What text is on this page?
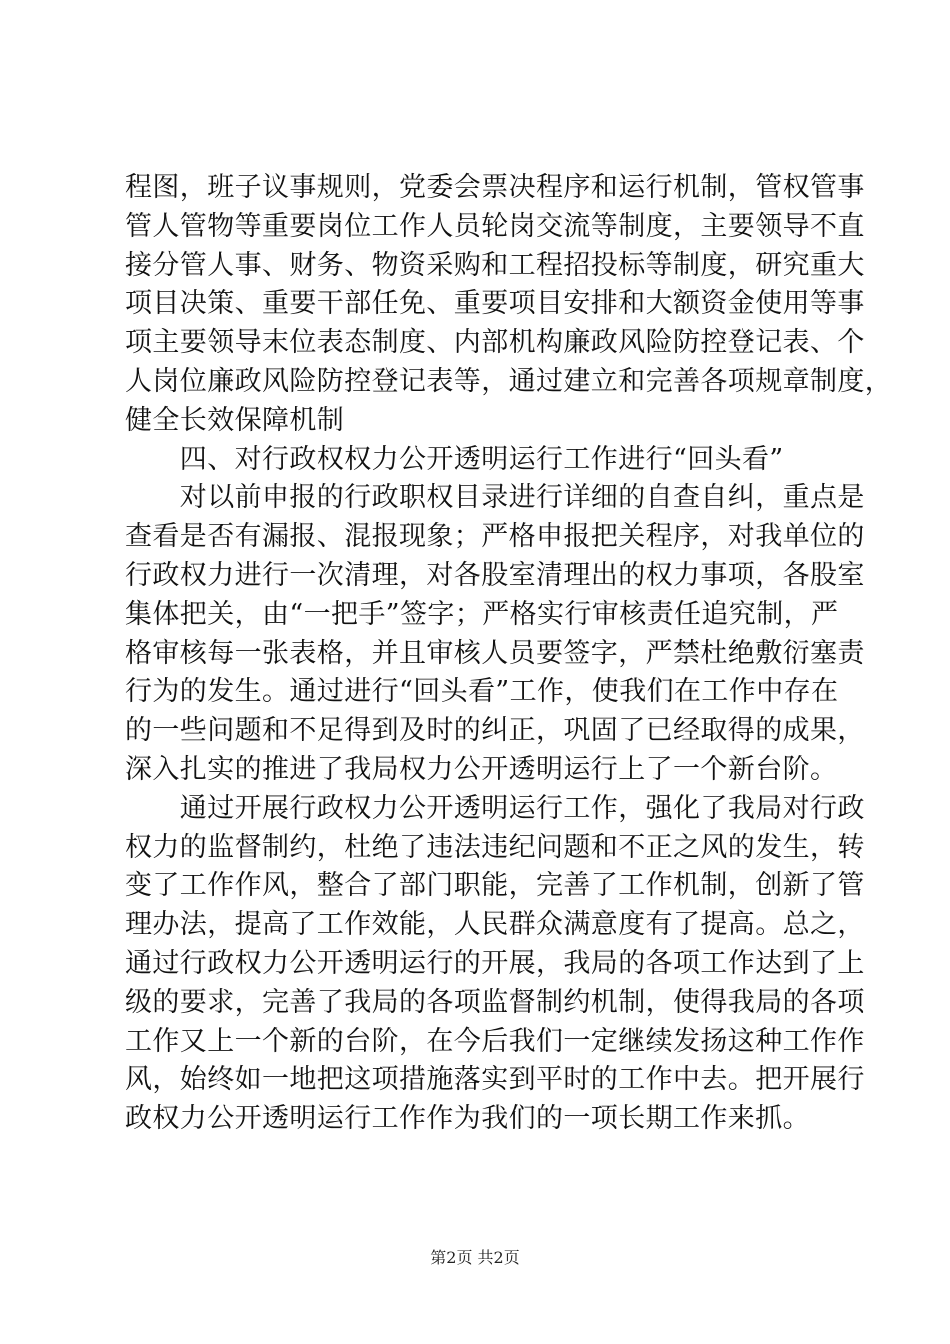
程图，班子议事规则，党委会票决程序和运行机制，管权管事
管人管物等重要岗位工作人员轮岗交流等制度，主要领导不直
接分管人事、财务、物资采购和工程招投标等制度，研究重大
项目决策、重要干部任免、重要项目安排和大额资金使用等事
项主要领导末位表态制度、内部机构廉政风险防控登记表、个
人岗位廉政风险防控登记表等，通过建立和完善各项规章制度，
健全长效保障机制
　　四、对行政权权力公开透明运行工作进行“回头看”
　　对以前申报的行政职权目录进行详细的自查自纠，重点是
查看是否有漏报、混报现象；严格申报把关程序，对我单位的
行政权力进行一次清理，对各股室清理出的权力事项，各股室
集体把关，由“一把手”签字；严格实行审核责任追究制，严
格审核每一张表格，并且审核人员要签字，严禁杜绝敷衍塞责
行为的发生。通过进行“回头看”工作，使我们在工作中存在
的一些问题和不足得到及时的纠正，巩固了已经取得的成果，
深入扎实的推进了我局权力公开透明运行上了一个新台阶。
　　通过开展行政权力公开透明运行工作，强化了我局对行政
权力的监督制约，杜绝了违法违纪问题和不正之风的发生，转
变了工作作风，整合了部门职能，完善了工作机制，创新了管
理办法，提高了工作效能，人民群众满意度有了提高。总之，
通过行政权力公开透明运行的开展，我局的各项工作达到了上
级的要求，完善了我局的各项监督制约机制，使得我局的各项
工作又上一个新的台阶，在今后我们一定继续发扬这种工作作
风，始终如一地把这项措施落实到平时的工作中去。把开展行
政权力公开透明运行工作作为我们的一项长期工作来抓。
第2页 共2页
